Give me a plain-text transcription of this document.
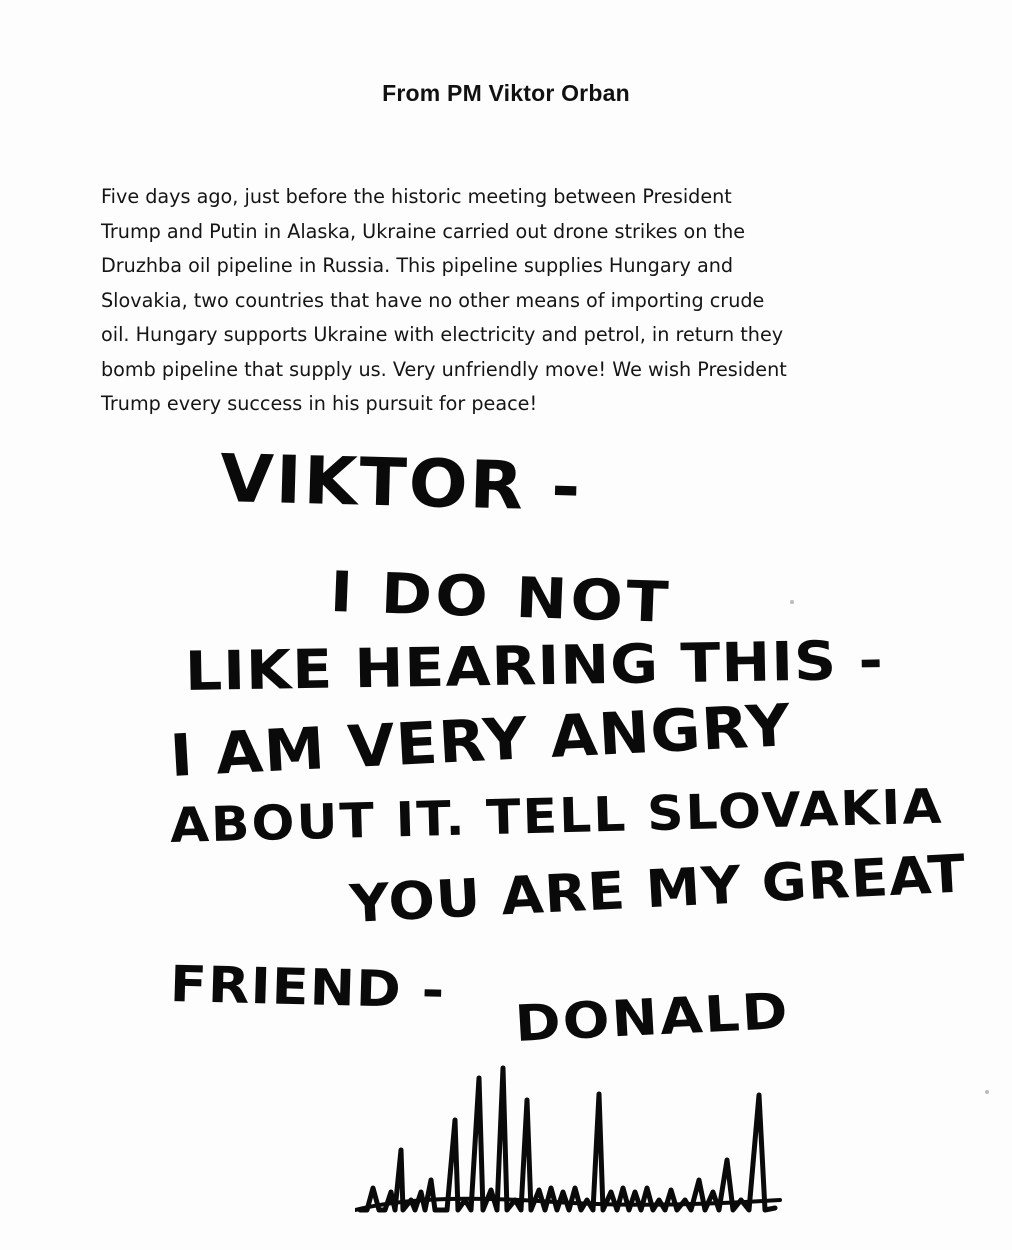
From PM Viktor Orban
Five days ago, just before the historic meeting between President
Trump and Putin in Alaska, Ukraine carried out drone strikes on the
Druzhba oil pipeline in Russia. This pipeline supplies Hungary and
Slovakia, two countries that have no other means of importing crude
oil. Hungary supports Ukraine with electricity and petrol, in return they
bomb pipeline that supply us. Very unfriendly move! We wish President
Trump every success in his pursuit for peace!
VIKTOR -
I DO NOT
LIKE HEARING THIS -
I AM VERY ANGRY
ABOUT IT. TELL SLOVAKIA
YOU ARE MY GREAT
FRIEND - DONALD
